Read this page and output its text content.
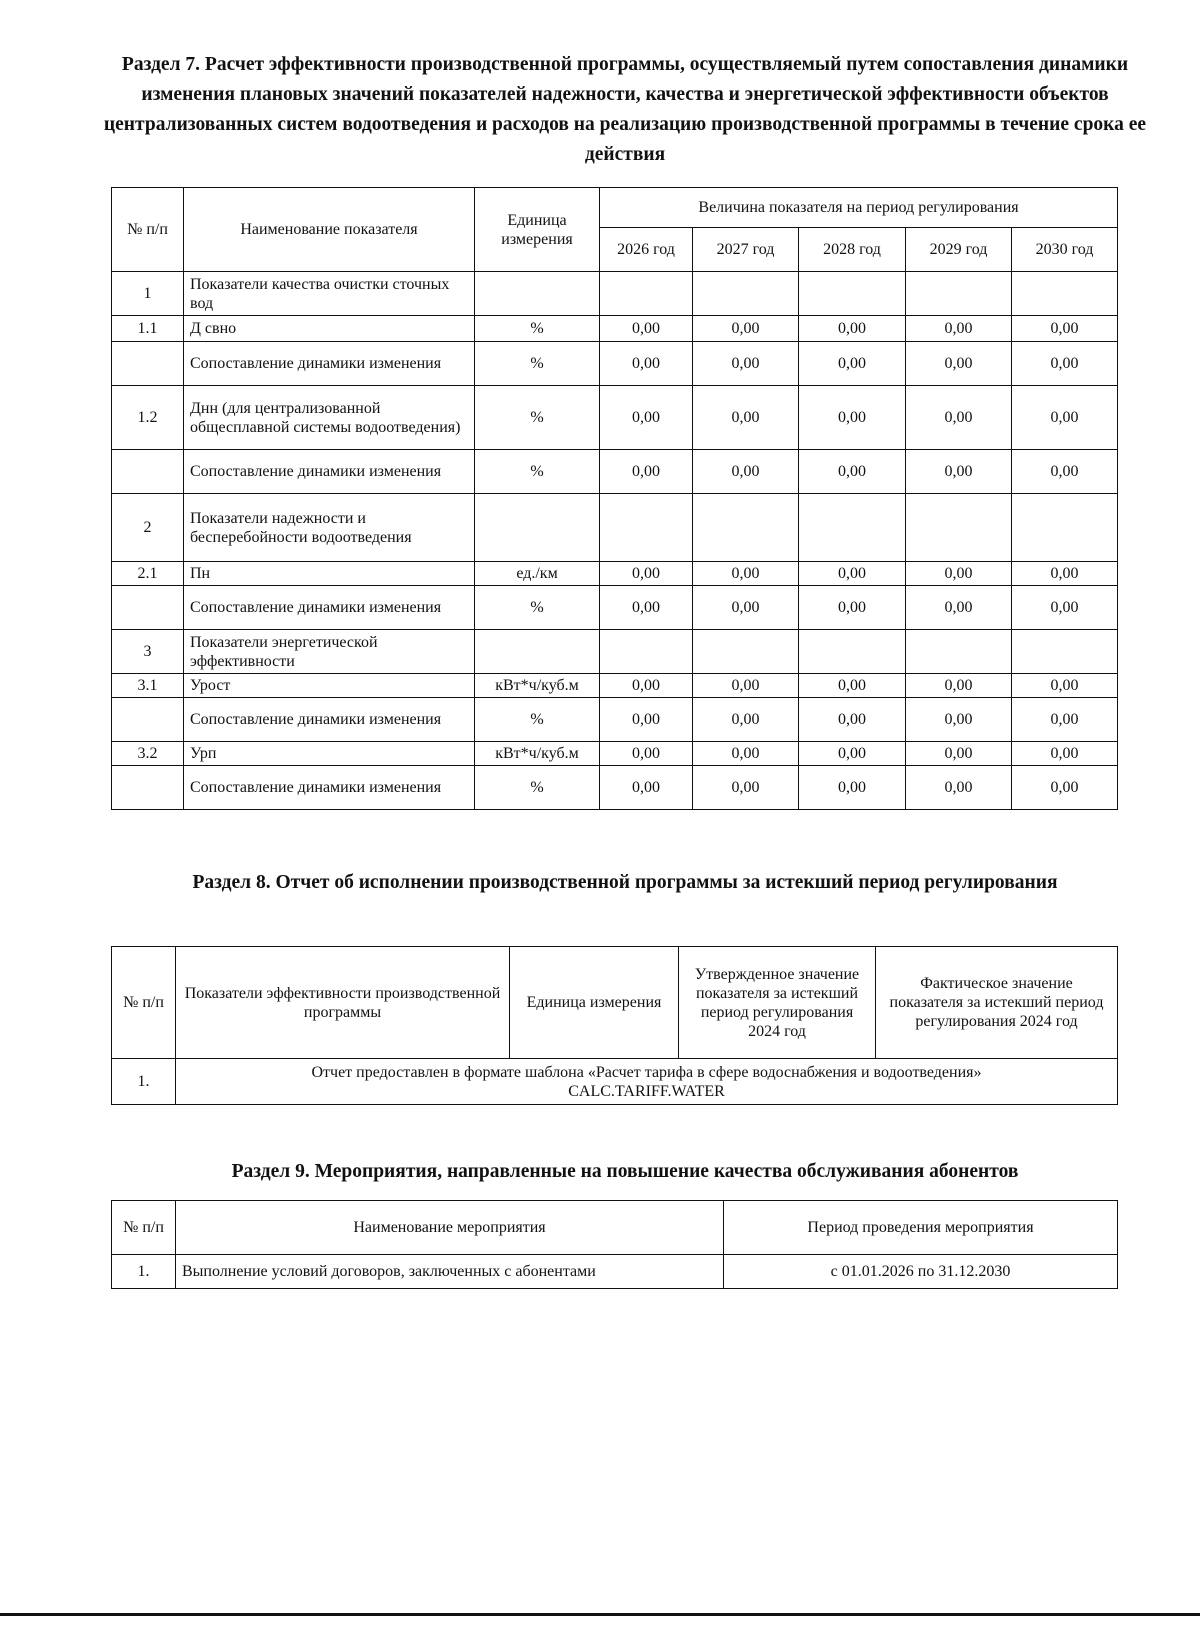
Раздел 7. Расчет эффективности производственной программы, осуществляемый путем сопоставления динамики изменения плановых значений показателей надежности, качества и энергетической эффективности объектов централизованных систем водоотведения и расходов на реализацию производственной программы в течение срока ее действия
№ п/п	Наименование показателя	Единица измерения	Величина показателя на период регулирования				
			2026 год	2027 год	2028 год	2029 год	2030 год
1	Показатели качества очистки сточных вод						
1.1	Д свно	%	0,00	0,00	0,00	0,00	0,00
	Сопоставление динамики изменения	%	0,00	0,00	0,00	0,00	0,00
1.2	Днн (для централизованной общесплавной системы водоотведения)	%	0,00	0,00	0,00	0,00	0,00
	Сопоставление динамики изменения	%	0,00	0,00	0,00	0,00	0,00
2	Показатели надежности и бесперебойности водоотведения						
2.1	Пн	ед./км	0,00	0,00	0,00	0,00	0,00
	Сопоставление динамики изменения	%	0,00	0,00	0,00	0,00	0,00
3	Показатели энергетической эффективности						
3.1	Урост	кВт*ч/куб.м	0,00	0,00	0,00	0,00	0,00
	Сопоставление динамики изменения	%	0,00	0,00	0,00	0,00	0,00
3.2	Урп	кВт*ч/куб.м	0,00	0,00	0,00	0,00	0,00
	Сопоставление динамики изменения	%	0,00	0,00	0,00	0,00	0,00
Раздел 8. Отчет об исполнении производственной программы за истекший период регулирования
№ п/п	Показатели эффективности производственной программы	Единица измерения	Утвержденное значение показателя за истекший период регулирования 2024 год	Фактическое значение показателя за истекший период регулирования 2024 год
1.	Отчет предоставлен в формате шаблона «Расчет тарифа в сфере водоснабжения и водоотведения»
CALC.TARIFF.WATER			
Раздел 9. Мероприятия, направленные на повышение качества обслуживания абонентов
№ п/п	Наименование мероприятия	Период проведения мероприятия
1.	Выполнение условий договоров, заключенных с абонентами	с 01.01.2026 по 31.12.2030
